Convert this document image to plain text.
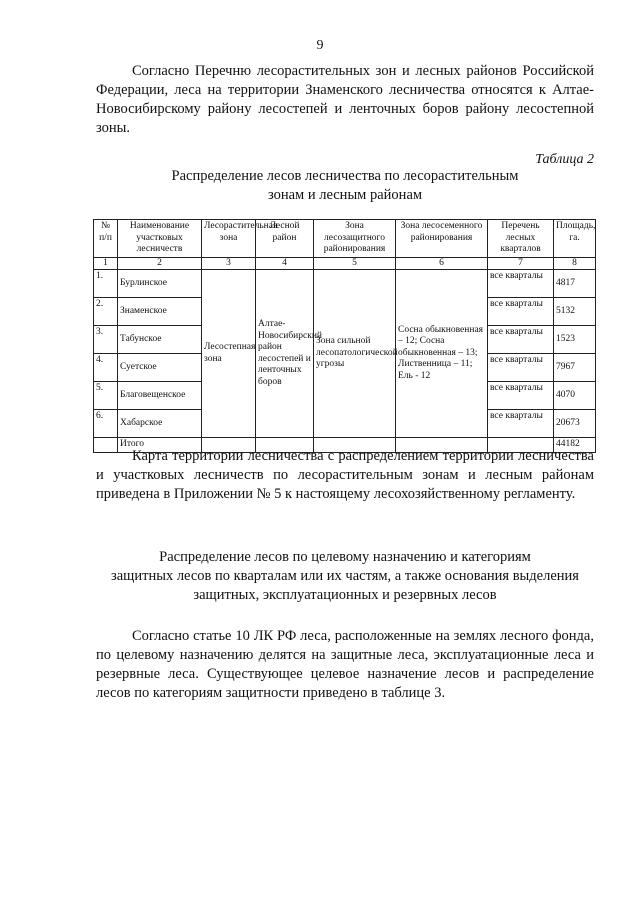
9
Согласно Перечню лесорастительных зон и лесных районов Российской Федерации, леса на территории Знаменского лесничества относятся к Алтае-Новосибирскому району лесостепей и ленточных боров району лесостепной зоны.
Таблица 2
Распределение лесов лесничества по лесорастительным
зонам и лесным районам
№ п/п	Наименование участковых лесничеств	Лесорастительная зона	Лесной район	Зона лесозащитного районирования	Зона лесосеменного районирования	Перечень лесных кварталов	Площадь, га.
1	2	3	4	5	6	7	8
1.	Бурлинское	Лесостепная зона	Алтае-Новосибирский район лесостепей и ленточных боров	Зона сильной лесопатологической угрозы	Сосна обыкновенная – 12; Сосна обыкновенная – 13; Лиственница – 11; Ель - 12	все кварталы	4817
2.	Знаменское					все кварталы	5132
3.	Табунское					все кварталы	1523
4.	Суетское					все кварталы	7967
5.	Благовещенское					все кварталы	4070
6.	Хабарское					все кварталы	20673
	Итого						44182
Карта территории лесничества с распределением территории лесничества и участковых лесничеств по лесорастительным зонам и лесным районам приведена в Приложении № 5 к настоящему лесохозяйственному регламенту.
Распределение лесов по целевому назначению и категориям
защитных лесов по кварталам или их частям, а также основания выделения
защитных, эксплуатационных и резервных лесов
Согласно статье 10 ЛК РФ леса, расположенные на землях лесного фонда, по целевому назначению делятся на защитные леса, эксплуатационные леса и резервные леса. Существующее целевое назначение лесов и распределение лесов по категориям защитности приведено в таблице 3.
